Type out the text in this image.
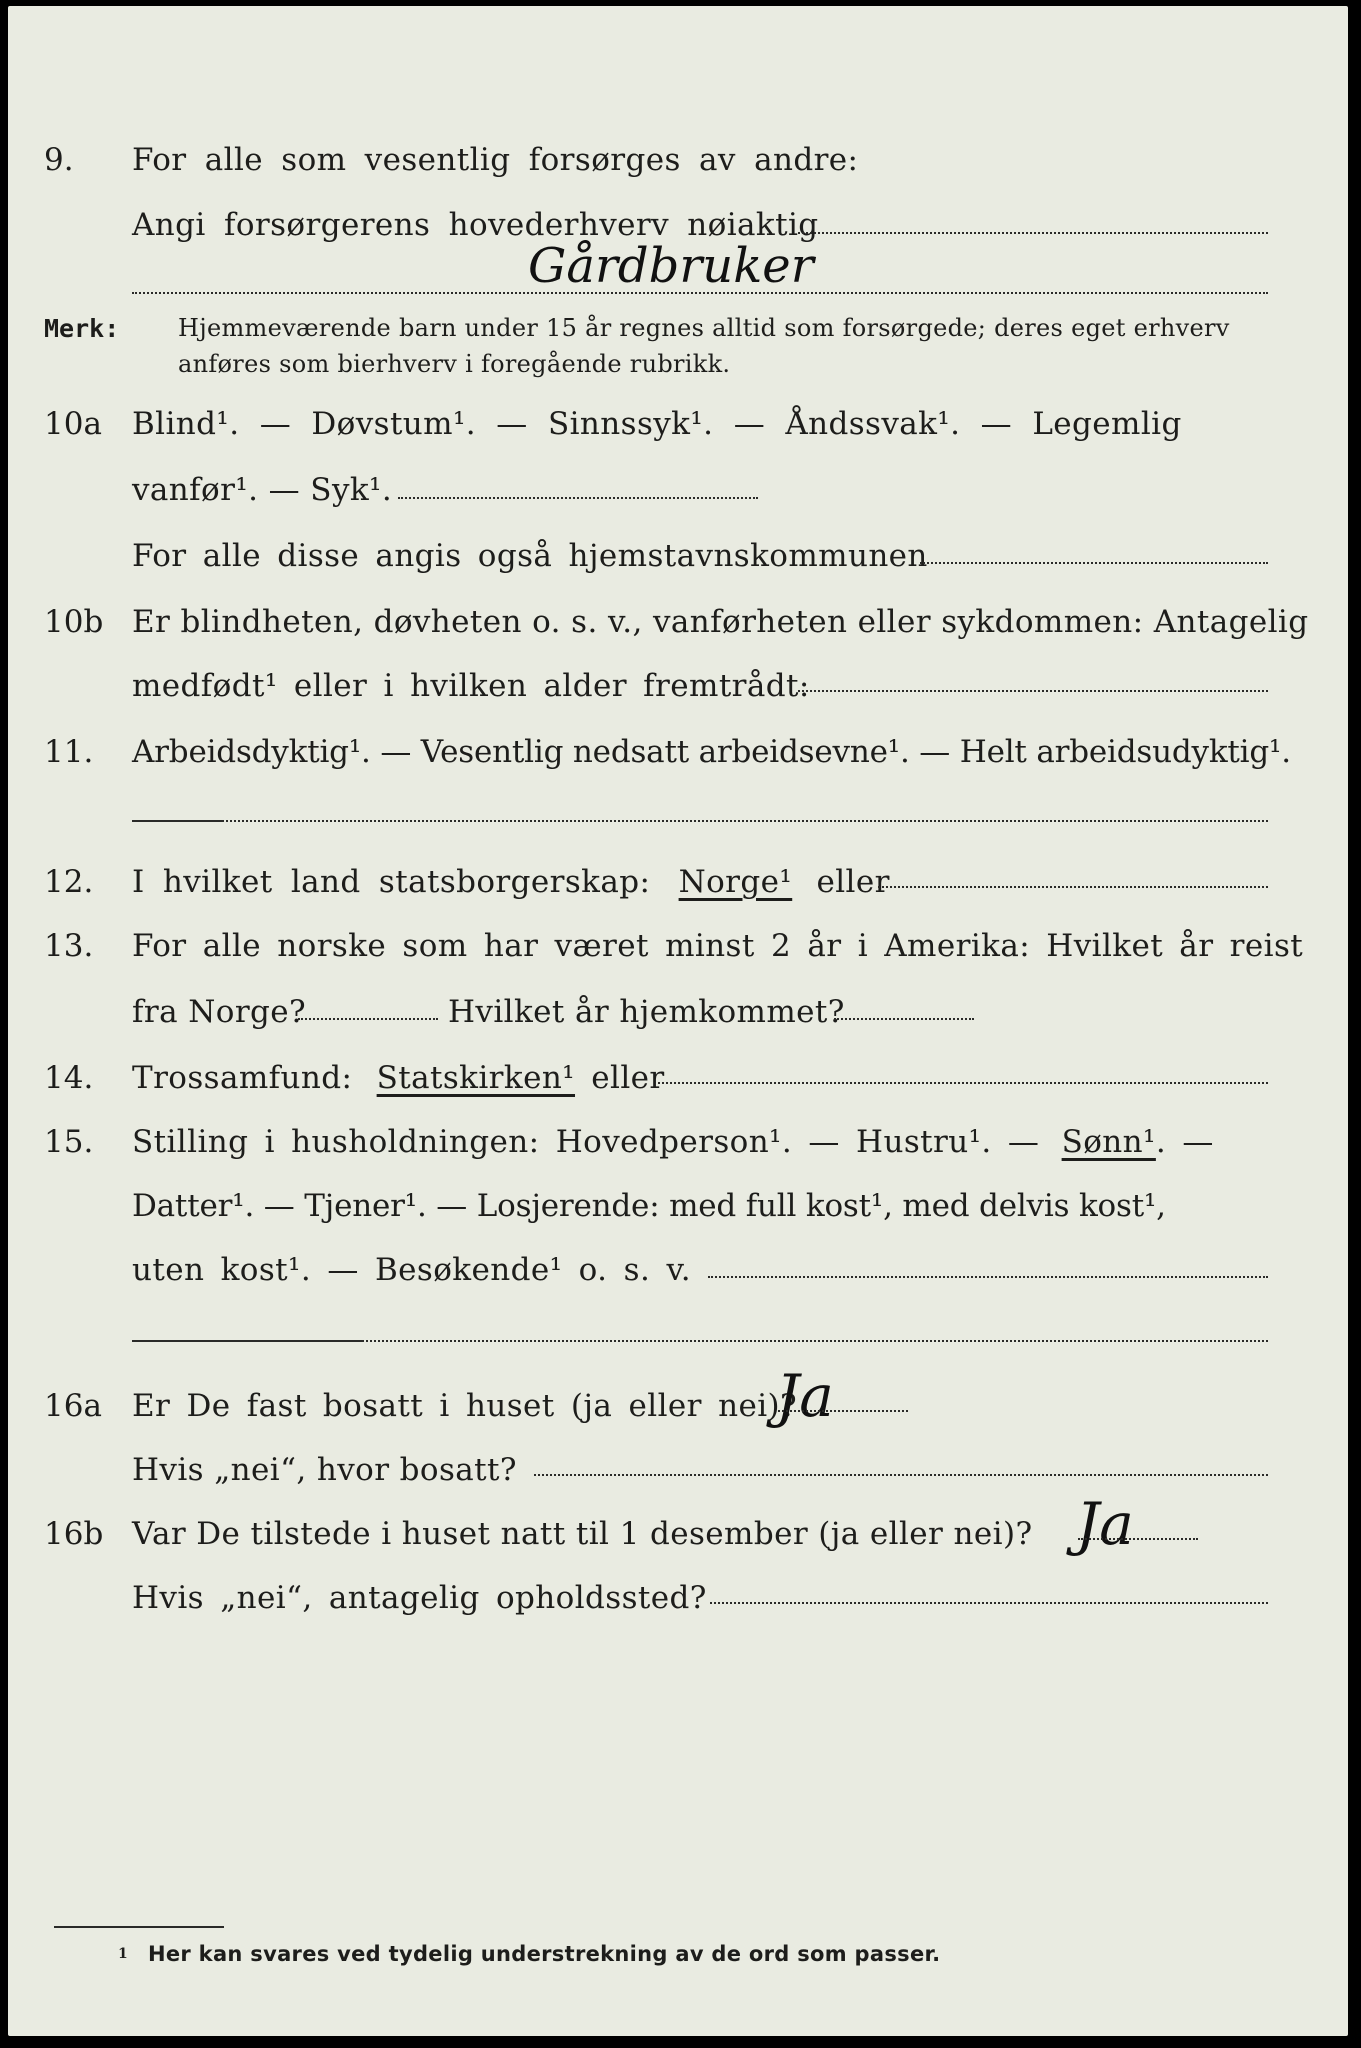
9. For alle som vesentlig forsørges av andre:
Angi forsørgerens hovederhverv nøiaktig
Gårdbruker
Merk: Hjemmeværende barn under 15 år regnes alltid som forsørgede; deres eget erhverv
anføres som bierhverv i foregående rubrikk.
10a Blind¹. — Døvstum¹. — Sinnssyk¹. — Åndssvak¹. — Legemlig
vanfør¹. — Syk¹.
For alle disse angis også hjemstavnskommunen
10b Er blindheten, døvheten o. s. v., vanførheten eller sykdommen: Antagelig
medfødt¹ eller i hvilken alder fremtrådt:
11. Arbeidsdyktig¹. — Vesentlig nedsatt arbeidsevne¹. — Helt arbeidsudyktig¹.
12. I hvilket land statsborgerskap: Norge¹ eller
13. For alle norske som har været minst 2 år i Amerika: Hvilket år reist
fra Norge?	Hvilket år hjemkommet?
14. Trossamfund: Statskirken¹ eller
15. Stilling i husholdningen: Hovedperson¹. — Hustru¹. — Sønn¹. —
Datter¹. — Tjener¹. — Losjerende: med full kost¹, med delvis kost¹,
uten kost¹. — Besøkende¹ o. s. v.
16a Er De fast bosatt i huset (ja eller nei)?
Ja
Hvis „nei“, hvor bosatt?
16b Var De tilstede i huset natt til 1 desember (ja eller nei)? Ja
Hvis „nei“, antagelig opholdssted?
1 Her kan svares ved tydelig understrekning av de ord som passer.
